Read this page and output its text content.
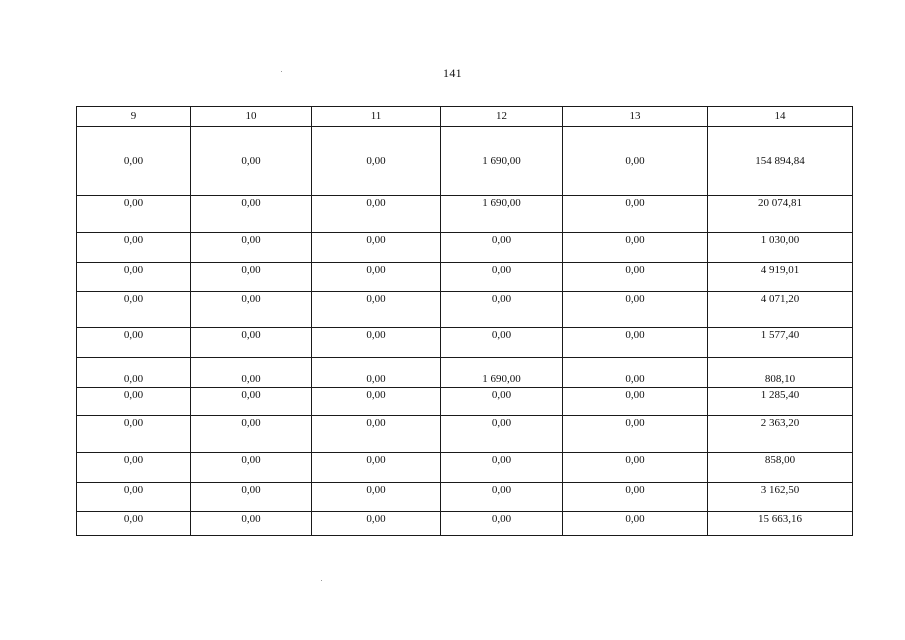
141
9	10	11	12	13	14
0,00	0,00	0,00	1 690,00	0,00	154 894,84
0,00	0,00	0,00	1 690,00	0,00	20 074,81
0,00	0,00	0,00	0,00	0,00	1 030,00
0,00	0,00	0,00	0,00	0,00	4 919,01
0,00	0,00	0,00	0,00	0,00	4 071,20
0,00	0,00	0,00	0,00	0,00	1 577,40
0,00	0,00	0,00	1 690,00	0,00	808,10
0,00	0,00	0,00	0,00	0,00	1 285,40
0,00	0,00	0,00	0,00	0,00	2 363,20
0,00	0,00	0,00	0,00	0,00	858,00
0,00	0,00	0,00	0,00	0,00	3 162,50
0,00	0,00	0,00	0,00	0,00	15 663,16
